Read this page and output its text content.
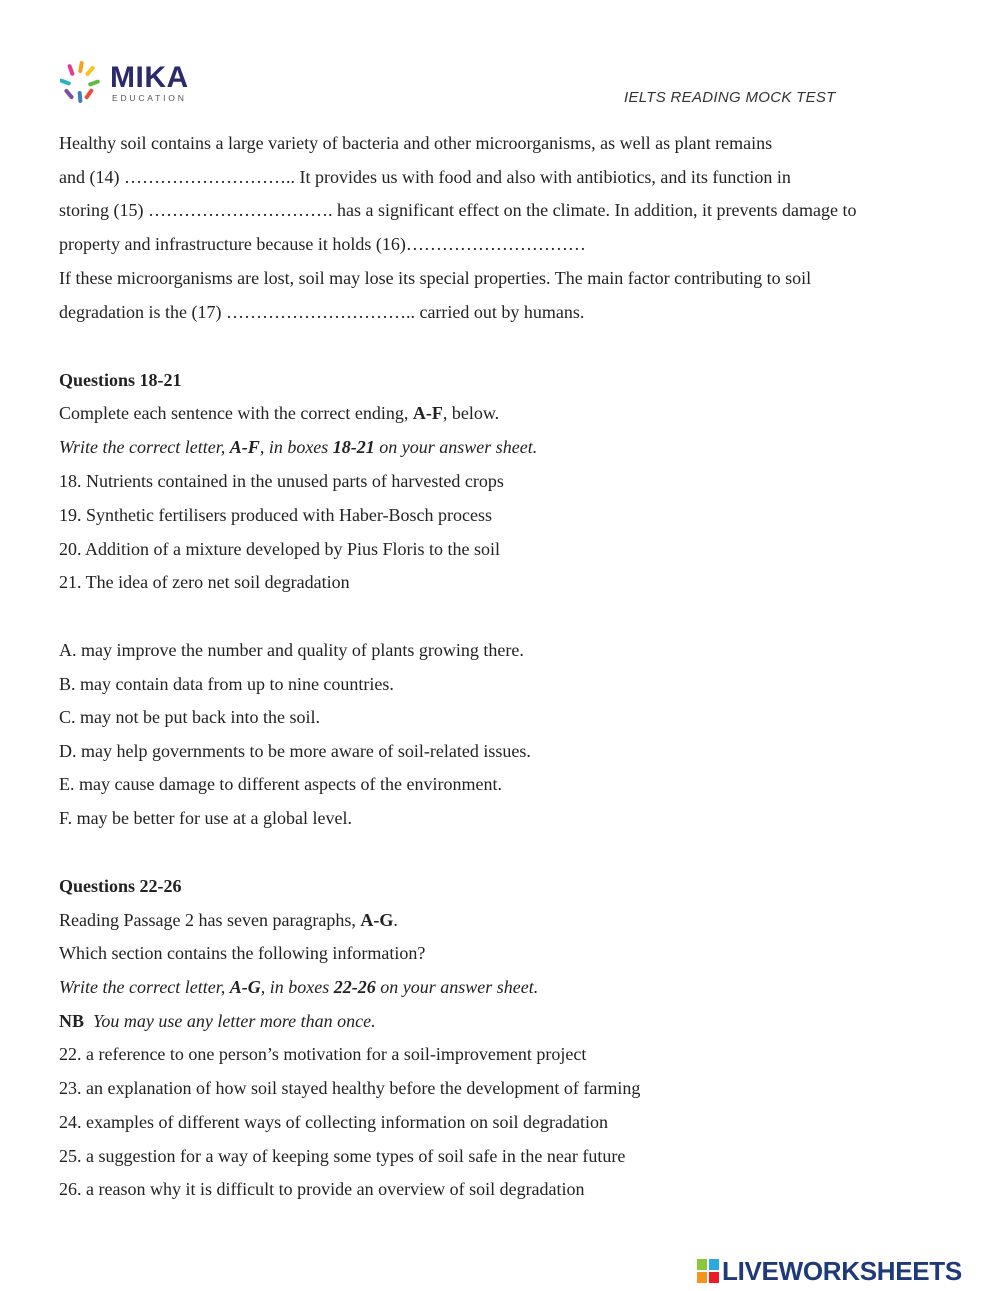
MIKA
EDUCATION	IELTS READING MOCK TEST
Healthy soil contains a large variety of bacteria and other microorganisms, as well as plant remains
and (14) ……………………….. It provides us with food and also with antibiotics, and its function in
storing (15) …………………………. has a significant effect on the climate. In addition, it prevents damage to
property and infrastructure because it holds (16)…………………………
If these microorganisms are lost, soil may lose its special properties. The main factor contributing to soil
degradation is the (17) ………………………….. carried out by humans.
Questions 18-21
Complete each sentence with the correct ending, A-F, below.
Write the correct letter, A-F, in boxes 18-21 on your answer sheet.
18. Nutrients contained in the unused parts of harvested crops
19. Synthetic fertilisers produced with Haber-Bosch process
20. Addition of a mixture developed by Pius Floris to the soil
21. The idea of zero net soil degradation
A. may improve the number and quality of plants growing there.
B. may contain data from up to nine countries.
C. may not be put back into the soil.
D. may help governments to be more aware of soil-related issues.
E. may cause damage to different aspects of the environment.
F. may be better for use at a global level.
Questions 22-26
Reading Passage 2 has seven paragraphs, A-G.
Which section contains the following information?
Write the correct letter, A-G, in boxes 22-26 on your answer sheet.
NB You may use any letter more than once.
22. a reference to one person’s motivation for a soil-improvement project
23. an explanation of how soil stayed healthy before the development of farming
24. examples of different ways of collecting information on soil degradation
25. a suggestion for a way of keeping some types of soil safe in the near future
26. a reason why it is difficult to provide an overview of soil degradation
LIVEWORKSHEETS
